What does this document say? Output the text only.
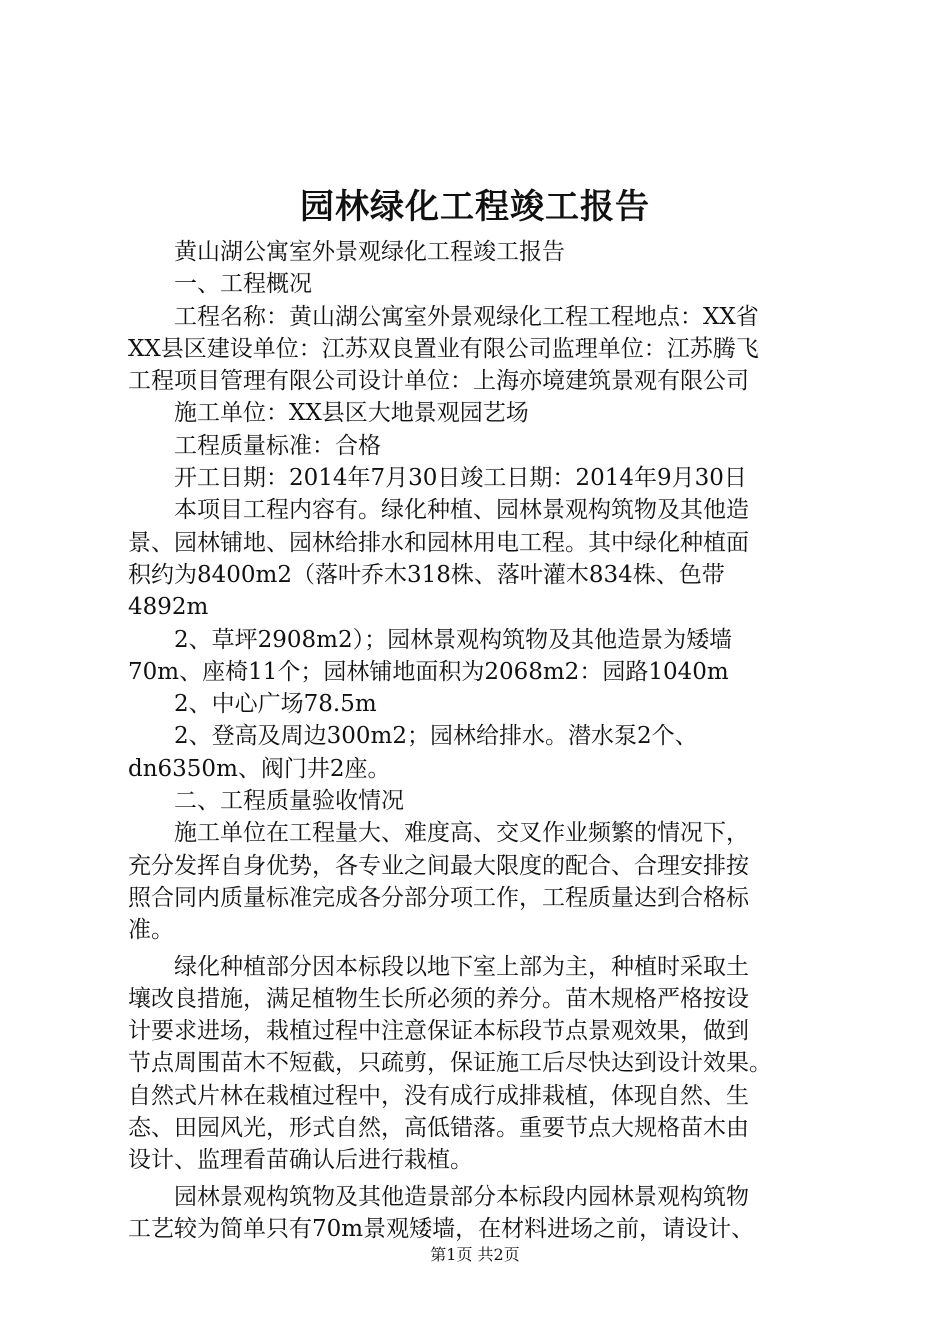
园林绿化工程竣工报告

　　黄山湖公寓室外景观绿化工程竣工报告

　　一、工程概况

　　工程名称：黄山湖公寓室外景观绿化工程工程地点：XX省

XX县区建设单位：江苏双良置业有限公司监理单位：江苏腾飞

工程项目管理有限公司设计单位：上海亦境建筑景观有限公司

　　施工单位：XX县区大地景观园艺场

　　工程质量标准：合格

　　开工日期：2014年7月30日竣工日期：2014年9月30日

　　本项目工程内容有。绿化种植、园林景观构筑物及其他造

景、园林铺地、园林给排水和园林用电工程。其中绿化种植面

积约为8400m2（落叶乔木318株、落叶灌木834株、色带

4892m

　　2、草坪2908m2）；园林景观构筑物及其他造景为矮墙

70m、座椅11个；园林铺地面积为2068m2：园路1040m

　　2、中心广场78.5m

　　2、登高及周边300m2；园林给排水。潜水泵2个、

dn6350m、阀门井2座。

　　二、工程质量验收情况

　　施工单位在工程量大、难度高、交叉作业频繁的情况下，

充分发挥自身优势，各专业之间最大限度的配合、合理安排按

照合同内质量标准完成各分部分项工作，工程质量达到合格标

准。

　　绿化种植部分因本标段以地下室上部为主，种植时采取土

壤改良措施，满足植物生长所必须的养分。苗木规格严格按设

计要求进场，栽植过程中注意保证本标段节点景观效果，做到

节点周围苗木不短截，只疏剪，保证施工后尽快达到设计效果。

自然式片林在栽植过程中，没有成行成排栽植，体现自然、生

态、田园风光，形式自然，高低错落。重要节点大规格苗木由

设计、监理看苗确认后进行栽植。

　　园林景观构筑物及其他造景部分本标段内园林景观构筑物

工艺较为简单只有70m景观矮墙，在材料进场之前，请设计、

第1页 共2页
